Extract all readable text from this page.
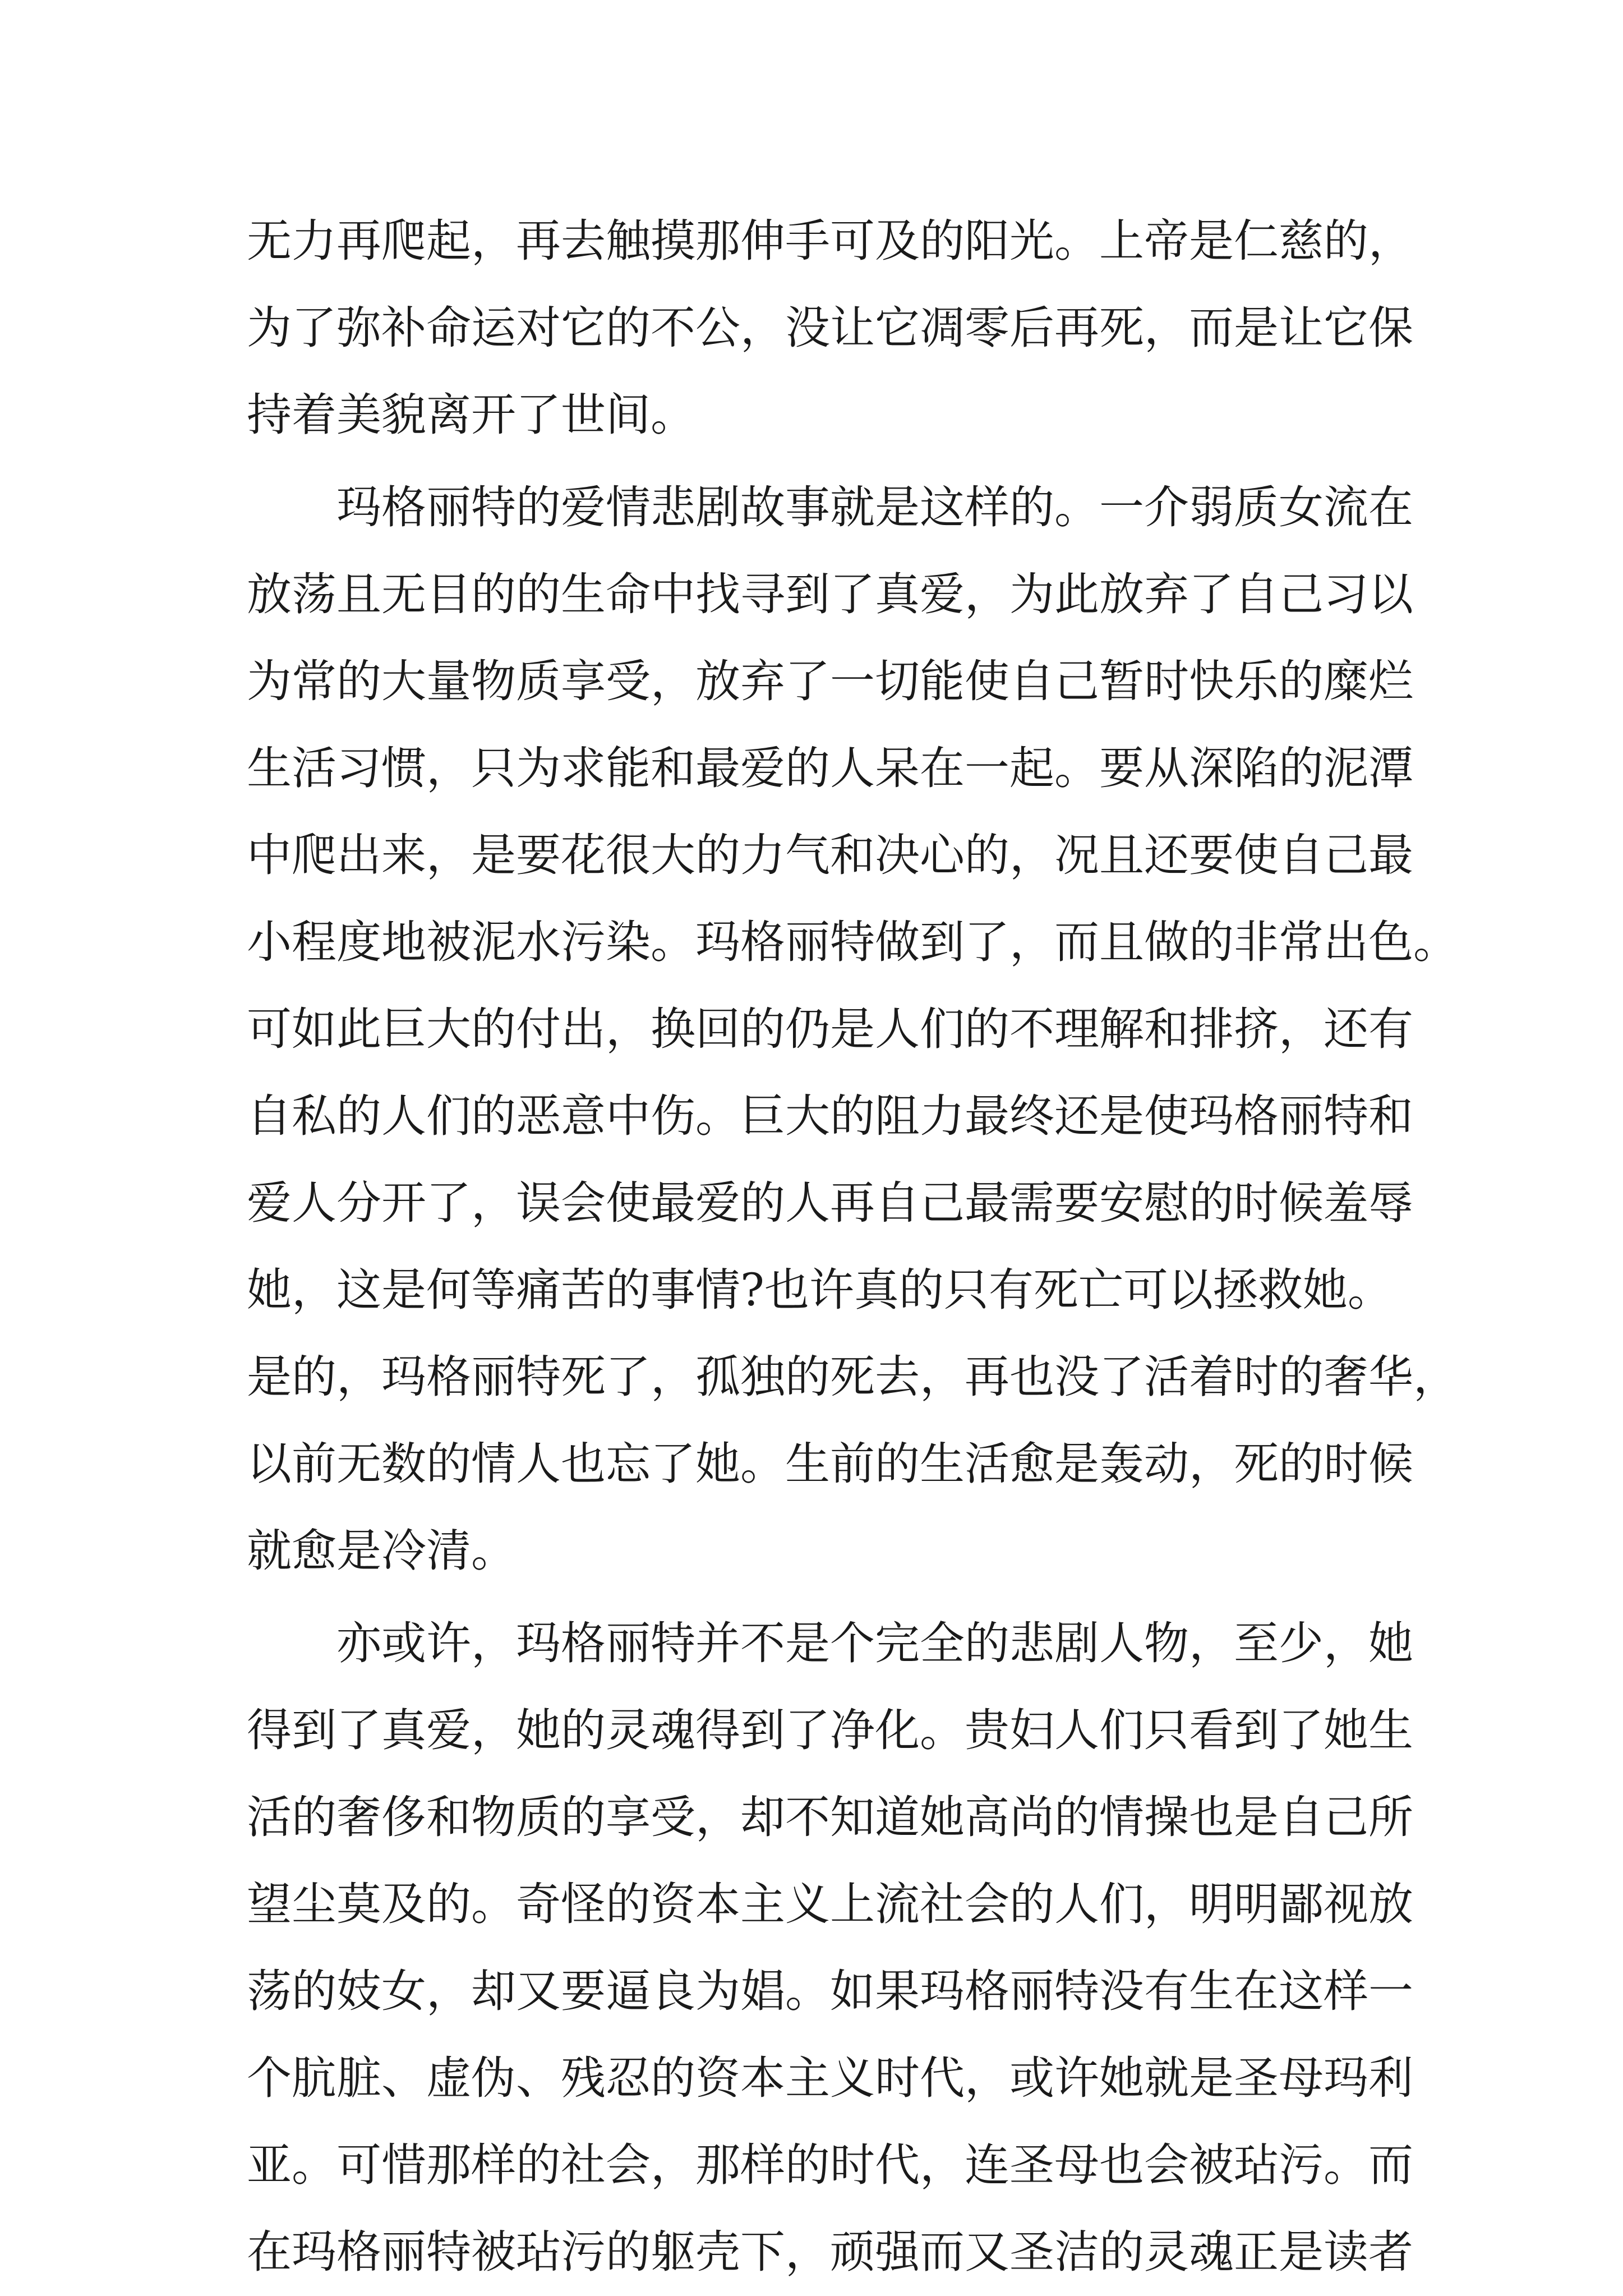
无力再爬起，再去触摸那伸手可及的阳光。上帝是仁慈的，
为了弥补命运对它的不公，没让它凋零后再死，而是让它保
持着美貌离开了世间。
玛格丽特的爱情悲剧故事就是这样的。一介弱质女流在
放荡且无目的的生命中找寻到了真爱，为此放弃了自己习以
为常的大量物质享受，放弃了一切能使自己暂时快乐的糜烂
生活习惯，只为求能和最爱的人呆在一起。要从深陷的泥潭
中爬出来，是要花很大的力气和决心的，况且还要使自己最
小程度地被泥水污染。玛格丽特做到了，而且做的非常出色。
可如此巨大的付出，换回的仍是人们的不理解和排挤，还有
自私的人们的恶意中伤。巨大的阻力最终还是使玛格丽特和
爱人分开了，误会使最爱的人再自己最需要安慰的时候羞辱
她，这是何等痛苦的事情?也许真的只有死亡可以拯救她。
是的，玛格丽特死了，孤独的死去，再也没了活着时的奢华，
以前无数的情人也忘了她。生前的生活愈是轰动，死的时候
就愈是冷清。
亦或许，玛格丽特并不是个完全的悲剧人物，至少，她
得到了真爱，她的灵魂得到了净化。贵妇人们只看到了她生
活的奢侈和物质的享受，却不知道她高尚的情操也是自己所
望尘莫及的。奇怪的资本主义上流社会的人们，明明鄙视放
荡的妓女，却又要逼良为娼。如果玛格丽特没有生在这样一
个肮脏、虚伪、残忍的资本主义时代，或许她就是圣母玛利
亚。可惜那样的社会，那样的时代，连圣母也会被玷污。而
在玛格丽特被玷污的躯壳下，顽强而又圣洁的灵魂正是读者
